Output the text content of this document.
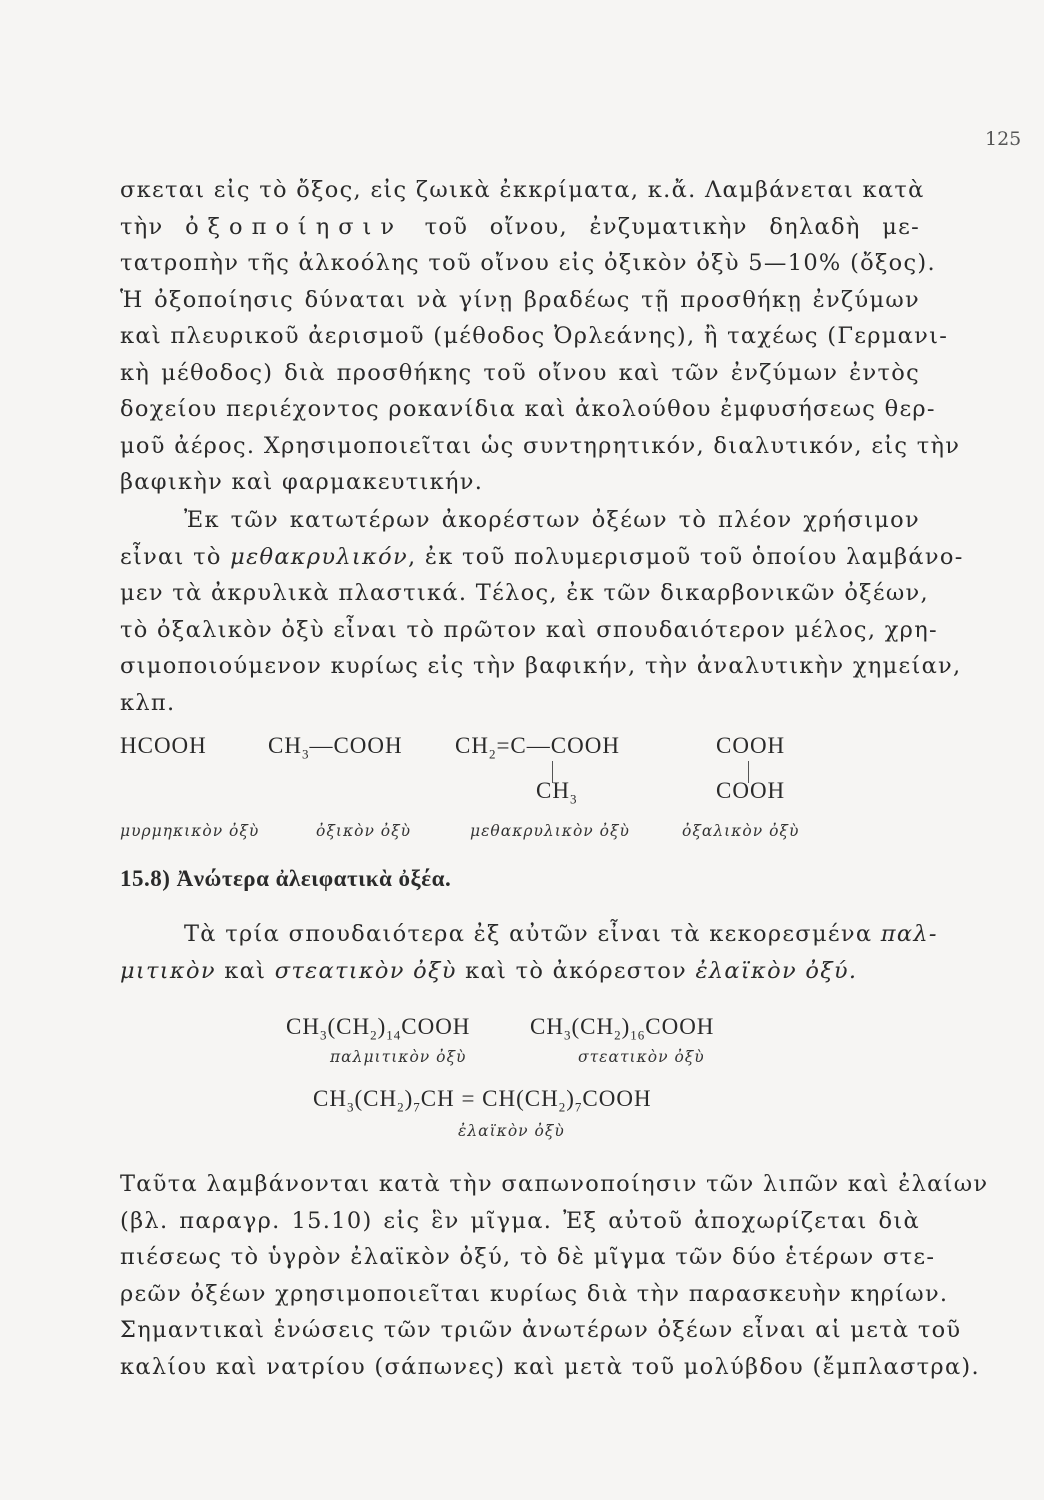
125
σκεται εἰς τὸ ὄξος, εἰς ζωικὰ ἐκκρίματα, κ.ἄ. Λαμβάνεται κατὰ
τὴν ὀξοποίησιν τοῦ οἴνου, ἐνζυματικὴν δηλαδὴ με-
τατροπὴν τῆς ἀλκοόλης τοῦ οἴνου εἰς ὀξικὸν ὀξὺ 5—10% (ὄξος).
Ἡ ὀξοποίησις δύναται νὰ γίνῃ βραδέως τῇ προσθήκῃ ἐνζύμων
καὶ πλευρικοῦ ἀερισμοῦ (μέθοδος Ὀρλεάνης), ἢ ταχέως (Γερμανι-
κὴ μέθοδος) διὰ προσθήκης τοῦ οἴνου καὶ τῶν ἐνζύμων ἐντὸς
δοχείου περιέχοντος ροκανίδια καὶ ἀκολούθου ἐμφυσήσεως θερ-
μοῦ ἀέρος. Χρησιμοποιεῖται ὡς συντηρητικόν, διαλυτικόν, εἰς τὴν
βαφικὴν καὶ φαρμακευτικήν.
Ἐκ τῶν κατωτέρων ἀκορέστων ὀξέων τὸ πλέον χρήσιμον
εἶναι τὸ μεθακρυλικόν, ἐκ τοῦ πολυμερισμοῦ τοῦ ὁποίου λαμβάνο-
μεν τὰ ἀκρυλικὰ πλαστικά. Τέλος, ἐκ τῶν δικαρβονικῶν ὀξέων,
τὸ ὀξαλικὸν ὀξὺ εἶναι τὸ πρῶτον καὶ σπουδαιότερον μέλος, χρη-
σιμοποιούμενον κυρίως εἰς τὴν βαφικήν, τὴν ἀναλυτικὴν χημείαν,
κλπ.
HCOOH	$CH_3—COOH$ $CH_2=C—COOH$
$CH_3$
COOH
COOH
μυρμηκικὸν ὀξὺ	ὀξικὸν ὀξὺ	μεθακρυλικὸν ὀξὺ	ὀξαλικὸν ὀξὺ
15.8) Ἀνώτερα ἀλειφατικὰ ὀξέα.
Τὰ τρία σπουδαιότερα ἐξ αὐτῶν εἶναι τὰ κεκορεσμένα παλ-
μιτικὸν καὶ στεατικὸν ὀξὺ καὶ τὸ ἀκόρεστον ἐλαϊκὸν ὀξύ.
$CH_3(CH_2)_{14}COOH$	$CH_3(CH_2)_{16}COOH$
παλμιτικὸν ὀξὺ	στεατικὸν ὀξὺ
$CH_3(CH_2)_7CH$ = $CH(CH_2)_7COOH$
ἐλαϊκὸν ὀξὺ
Ταῦτα λαμβάνονται κατὰ τὴν σαπωνοποίησιν τῶν λιπῶν καὶ ἐλαίων
(βλ. παραγρ. 15.10) εἰς ἓν μῖγμα. Ἐξ αὐτοῦ ἀποχωρίζεται διὰ
πιέσεως τὸ ὑγρὸν ἐλαϊκὸν ὀξύ, τὸ δὲ μῖγμα τῶν δύο ἑτέρων στε-
ρεῶν ὀξέων χρησιμοποιεῖται κυρίως διὰ τὴν παρασκευὴν κηρίων.
Σημαντικαὶ ἑνώσεις τῶν τριῶν ἀνωτέρων ὀξέων εἶναι αἱ μετὰ τοῦ
καλίου καὶ νατρίου (σάπωνες) καὶ μετὰ τοῦ μολύβδου (ἔμπλαστρα).
